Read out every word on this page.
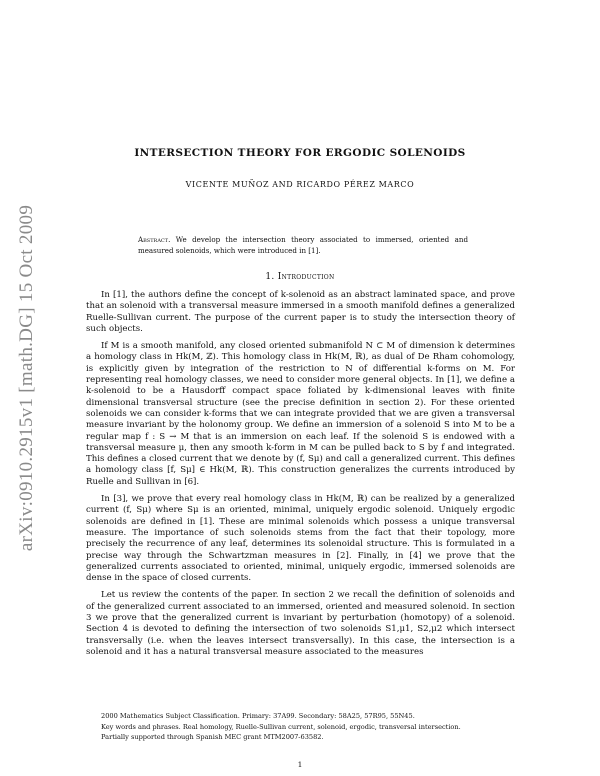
arXiv:0910.2915v1 [math.DG] 15 Oct 2009
INTERSECTION THEORY FOR ERGODIC SOLENOIDS
VICENTE MUÑOZ AND RICARDO PÉREZ MARCO
Abstract. We develop the intersection theory associated to immersed, oriented and measured solenoids, which were introduced in [1].
1. Introduction

In [1], the authors define the concept of k-solenoid as an abstract laminated space, and prove that an solenoid with a transversal measure immersed in a smooth manifold defines a generalized Ruelle-Sullivan current. The purpose of the current paper is to study the intersection theory of such objects.

If M is a smooth manifold, any closed oriented submanifold N ⊂ M of dimension k determines a homology class in Hk(M, ℤ). This homology class in Hk(M, ℝ), as dual of De Rham cohomology, is explicitly given by integration of the restriction to N of differential k-forms on M. For representing real homology classes, we need to consider more general objects. In [1], we define a k-solenoid to be a Hausdorff compact space foliated by k-dimensional leaves with finite dimensional transversal structure (see the precise definition in section 2). For these oriented solenoids we can consider k-forms that we can integrate provided that we are given a transversal measure invariant by the holonomy group. We define an immersion of a solenoid S into M to be a regular map f : S → M that is an immersion on each leaf. If the solenoid S is endowed with a transversal measure μ, then any smooth k-form in M can be pulled back to S by f and integrated. This defines a closed current that we denote by (f, Sμ) and call a generalized current. This defines a homology class [f, Sμ] ∈ Hk(M, ℝ). This construction generalizes the currents introduced by Ruelle and Sullivan in [6].

In [3], we prove that every real homology class in Hk(M, ℝ) can be realized by a generalized current (f, Sμ) where Sμ is an oriented, minimal, uniquely ergodic solenoid. Uniquely ergodic solenoids are defined in [1]. These are minimal solenoids which possess a unique transversal measure. The importance of such solenoids stems from the fact that their topology, more precisely the recurrence of any leaf, determines its solenoidal structure. This is formulated in a precise way through the Schwartzman measures in [2]. Finally, in [4] we prove that the generalized currents associated to oriented, minimal, uniquely ergodic, immersed solenoids are dense in the space of closed currents.

Let us review the contents of the paper. In section 2 we recall the definition of solenoids and of the generalized current associated to an immersed, oriented and measured solenoid. In section 3 we prove that the generalized current is invariant by perturbation (homotopy) of a solenoid. Section 4 is devoted to defining the intersection of two solenoids S1,μ1, S2,μ2 which intersect transversally (i.e. when the leaves intersect transversally). In this case, the intersection is a solenoid and it has a natural transversal measure associated to the measures

2000 Mathematics Subject Classification. Primary: 37A99. Secondary: 58A25, 57R95, 55N45.

Key words and phrases. Real homology, Ruelle-Sullivan current, solenoid, ergodic, transversal intersection.

Partially supported through Spanish MEC grant MTM2007-63582.

1
